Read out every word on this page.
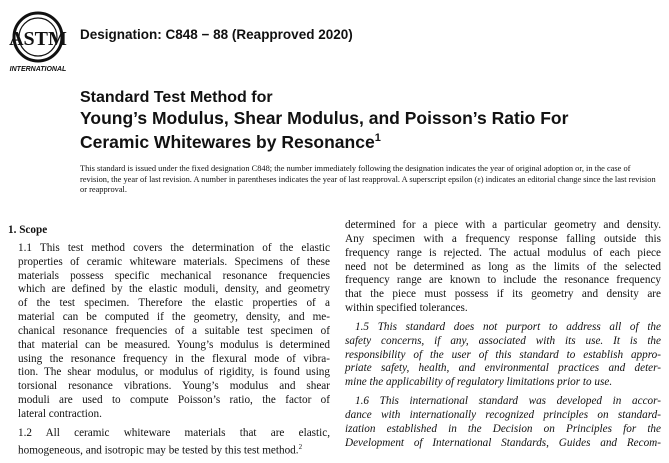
ASTM
INTERNATIONAL
Designation: C848 − 88 (Reapproved 2020)
Standard Test Method for
Young’s Modulus, Shear Modulus, and Poisson’s Ratio For
Ceramic Whitewares by Resonance$^1$
This standard is issued under the fixed designation C848; the number immediately following the designation indicates the year of original adoption or, in the case of revision, the year of last revision. A number in parentheses indicates the year of last reapproval. A superscript epsilon (ε) indicates an editorial change since the last revision or reapproval.
1. Scope
1.1 This test method covers the determination of the elastic
properties of ceramic whiteware materials. Specimens of these
materials possess specific mechanical resonance frequencies
which are defined by the elastic moduli, density, and geometry
of the test specimen. Therefore the elastic properties of a
material can be computed if the geometry, density, and me-
chanical resonance frequencies of a suitable test specimen of
that material can be measured. Young’s modulus is determined
using the resonance frequency in the flexural mode of vibra-
tion. The shear modulus, or modulus of rigidity, is found using
torsional resonance vibrations. Young’s modulus and shear
moduli are used to compute Poisson’s ratio, the factor of
lateral contraction.
1.2 All ceramic whiteware materials that are elastic,
homogeneous, and isotropic may be tested by this test method.$^2$
determined for a piece with a particular geometry and density.
Any specimen with a frequency response falling outside this
frequency range is rejected. The actual modulus of each piece
need not be determined as long as the limits of the selected
frequency range are known to include the resonance frequency
that the piece must possess if its geometry and density are
within specified tolerances.
1.5 This standard does not purport to address all of the
safety concerns, if any, associated with its use. It is the
responsibility of the user of this standard to establish appro-
priate safety, health, and environmental practices and deter-
mine the applicability of regulatory limitations prior to use.
1.6 This international standard was developed in accor-
dance with internationally recognized principles on standard-
ization established in the Decision on Principles for the
Development of International Standards, Guides and Recom-
